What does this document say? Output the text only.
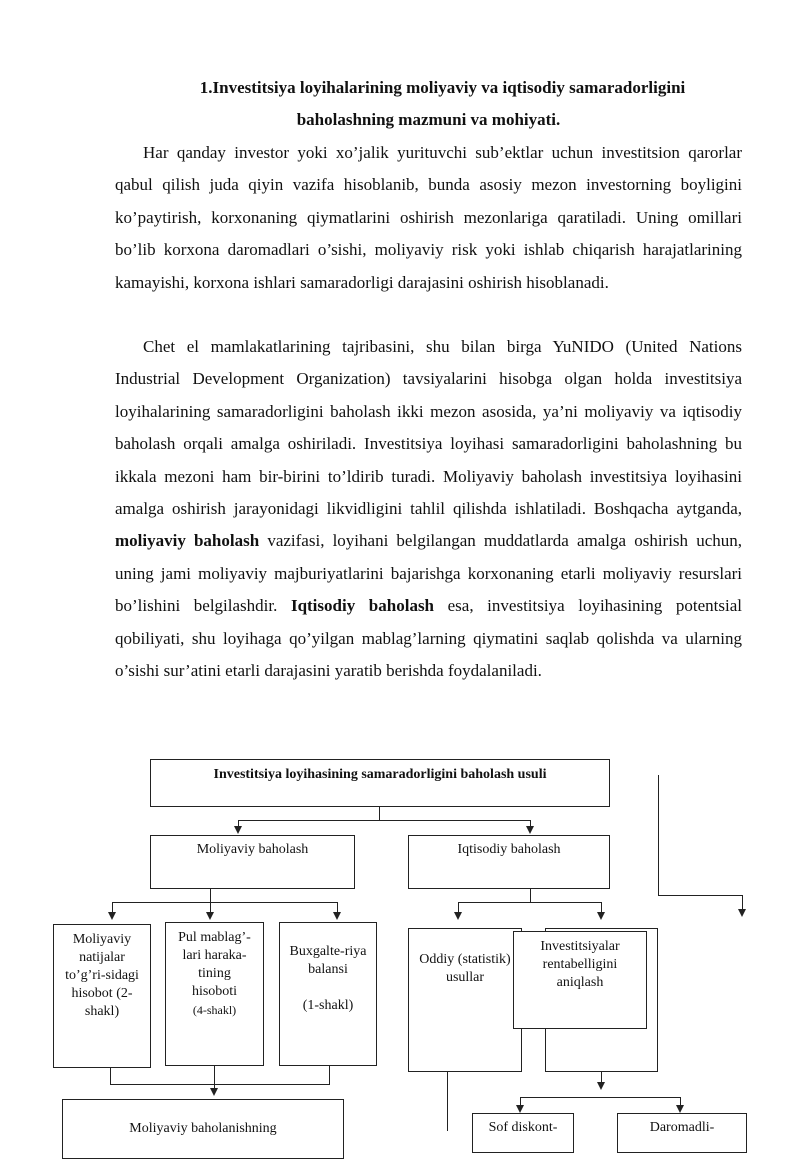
1.Investitsiya loyihalarining moliyaviy va iqtisodiy samaradorligini
baholashning mazmuni va mohiyati.

Har qanday investor yoki xo’jalik yurituvchi sub’ektlar uchun investitsion qarorlar qabul qilish juda qiyin vazifa hisoblanib, bunda asosiy mezon investorning boyligini ko’paytirish, korxonaning qiymatlarini oshirish mezonlariga qaratiladi. Uning omillari bo’lib korxona daromadlari o’sishi, moliyaviy risk yoki ishlab chiqarish harajatlarining kamayishi, korxona ishlari samaradorligi darajasini oshirish hisoblanadi.

Chet el mamlakatlarining tajribasini, shu bilan birga YuNIDO (United Nations Industrial Development Organization) tavsiyalarini hisobga olgan holda investitsiya loyihalarining samaradorligini baholash ikki mezon asosida, ya’ni moliyaviy va iqtisodiy baholash orqali amalga oshiriladi. Investitsiya loyihasi samaradorligini baholashning bu ikkala mezoni ham bir-birini to’ldirib turadi. Moliyaviy baholash investitsiya loyihasini amalga oshirish jarayonidagi likvidligini tahlil qilishda ishlatiladi. Boshqacha aytganda, moliyaviy baholash vazifasi, loyihani belgilangan muddatlarda amalga oshirish uchun, uning jami moliyaviy majburiyatlarini bajarishga korxonaning etarli moliyaviy resurslari bo’lishini belgilashdir. Iqtisodiy baholash esa, investitsiya loyihasining potentsial qobiliyati, shu loyihaga qo’yilgan mablag’larning qiymatini saqlab qolishda va ularning o’sishi sur’atini etarli darajasini yaratib berishda foydalaniladi.

Investitsiya loyihasining samaradorligini baholash usuli
Moliyaviy baholash	Iqtisodiy baholash
Moliyaviy natijalar to’g’ri-sidagi hisobot (2-shakl)
Pul mablag’-lari haraka-tining hisoboti
(4-shakl)
Buxgalte-riya balansi

(1-shakl)
Oddiy (statistik) usullar
Investitsiyalar rentabelligini aniqlash
Moliyaviy baholanishning	Sof diskont-	Daromadli-
